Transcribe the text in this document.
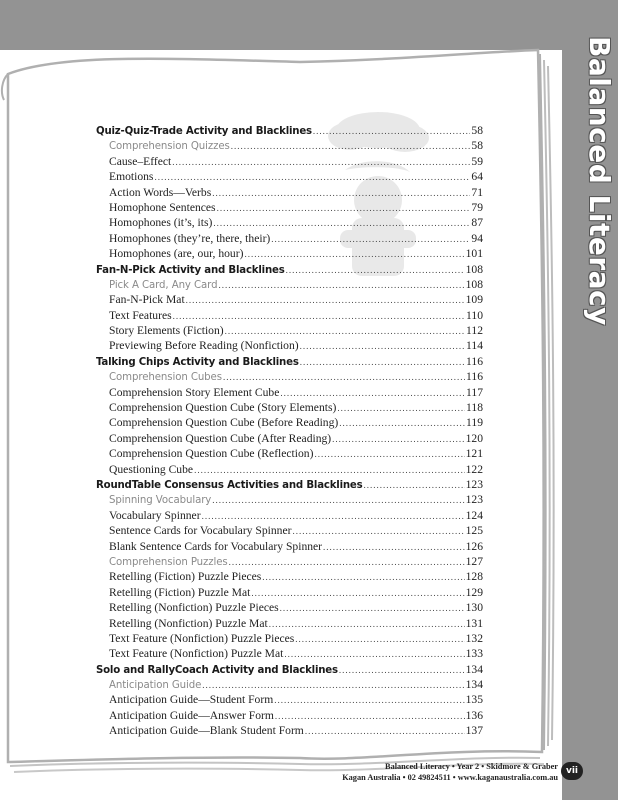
Balanced Literacy
Quiz-Quiz-Trade Activity and Blacklines .....	58
Comprehension Quizzes .....	58
Cause–Effect .....	59
Emotions .....	64
Action Words—Verbs .....	71
Homophone Sentences .....	79
Homophones (it’s, its) .....	87
Homophones (they’re, there, their) .....	94
Homophones (are, our, hour) .....	101
Fan-N-Pick Activity and Blacklines .....	108
Pick A Card, Any Card .....	108
Fan-N-Pick Mat .....	109
Text Features .....	110
Story Elements (Fiction) .....	112
Previewing Before Reading (Nonfiction) .....	114
Talking Chips Activity and Blacklines .....	116
Comprehension Cubes .....	116
Comprehension Story Element Cube .....	117
Comprehension Question Cube (Story Elements) .....	118
Comprehension Question Cube (Before Reading) .....	119
Comprehension Question Cube (After Reading) .....	120
Comprehension Question Cube (Reflection) .....	121
Questioning Cube .....	122
RoundTable Consensus Activities and Blacklines .....	123
Spinning Vocabulary .....	123
Vocabulary Spinner .....	124
Sentence Cards for Vocabulary Spinner .....	125
Blank Sentence Cards for Vocabulary Spinner .....	126
Comprehension Puzzles .....	127
Retelling (Fiction) Puzzle Pieces .....	128
Retelling (Fiction) Puzzle Mat .....	129
Retelling (Nonfiction) Puzzle Pieces .....	130
Retelling (Nonfiction) Puzzle Mat .....	131
Text Feature (Nonfiction) Puzzle Pieces .....	132
Text Feature (Nonfiction) Puzzle Mat .....	133
Solo and RallyCoach Activity and Blacklines .....	134
Anticipation Guide .....	134
Anticipation Guide—Student Form .....	135
Anticipation Guide—Answer Form .....	136
Anticipation Guide—Blank Student Form .....	137
Balanced Literacy • Year 2 • Skidmore & Graber
Kagan Australia • 02 49824511 • www.kaganaustralia.com.au
vii
